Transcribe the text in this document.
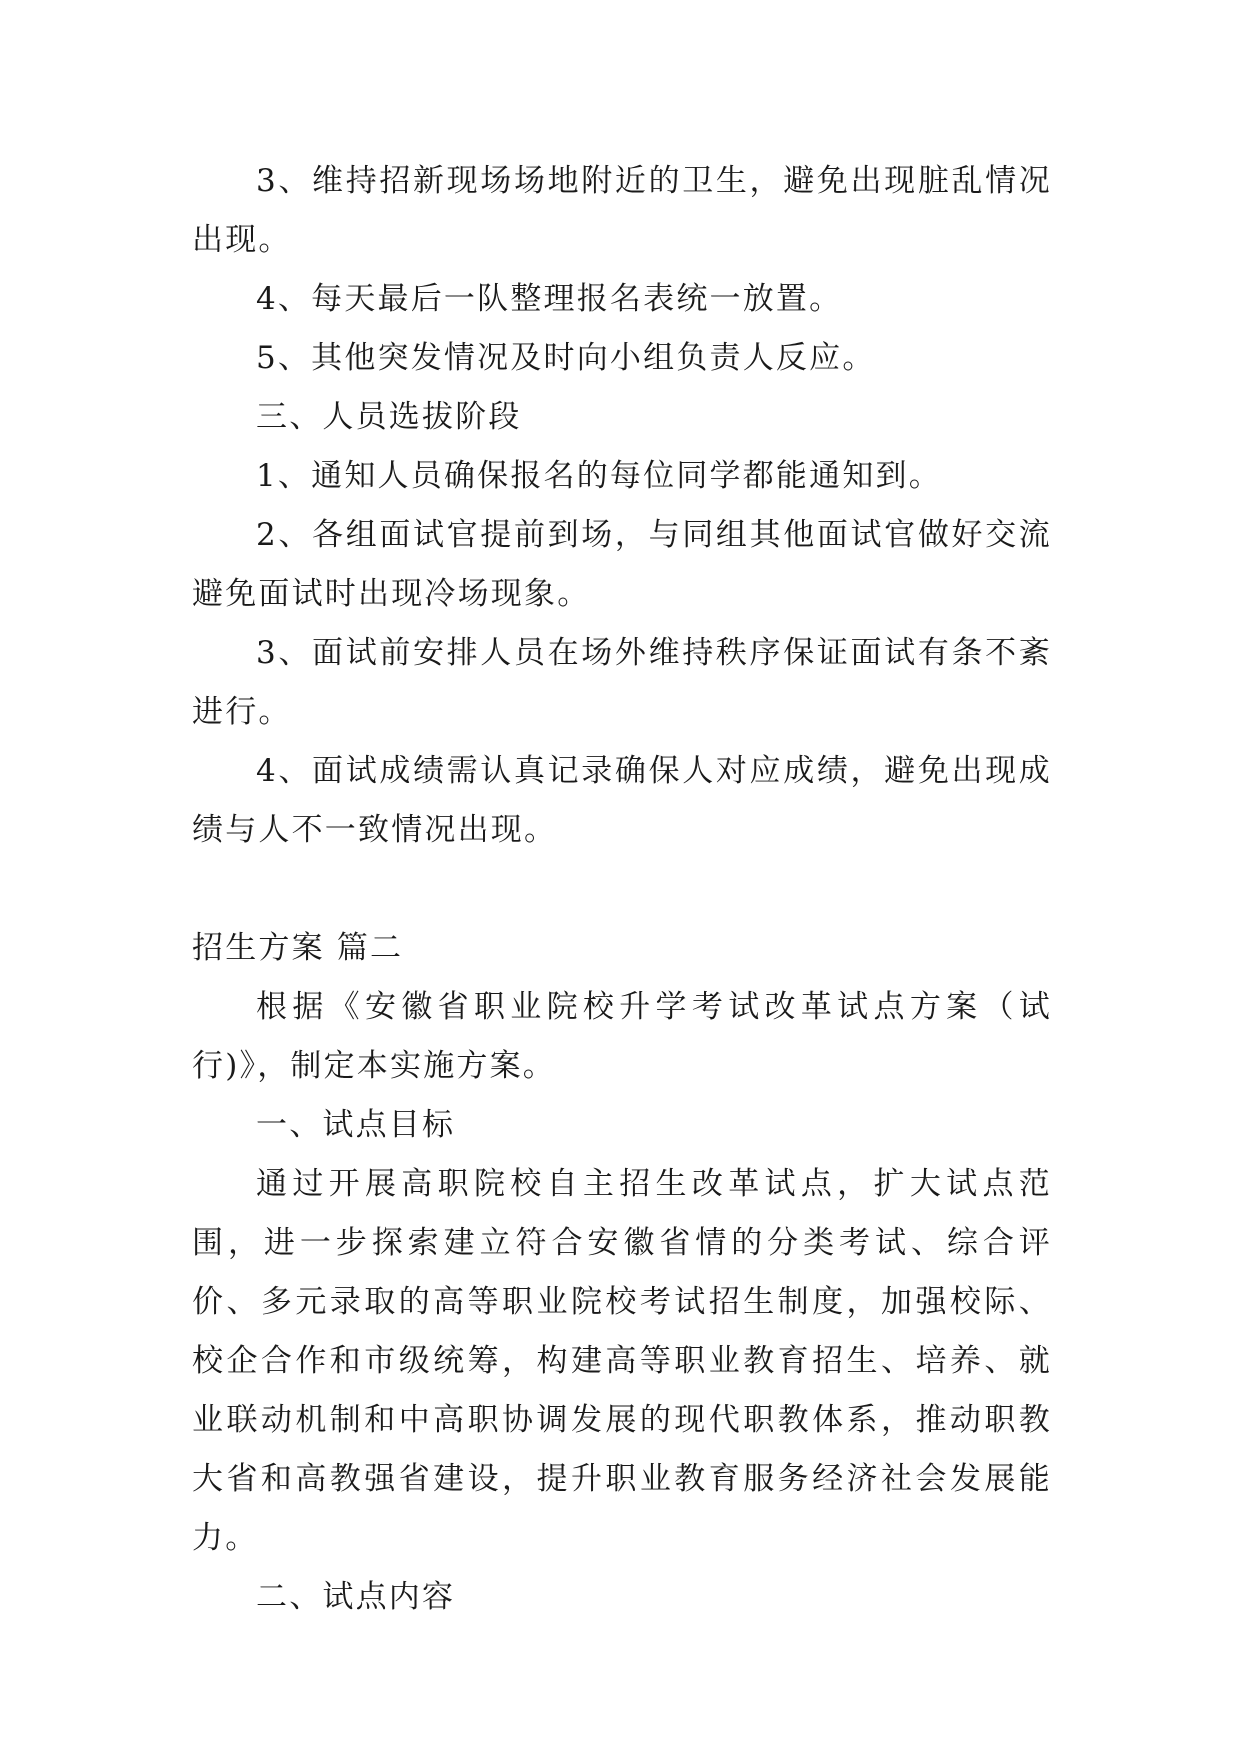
3、维持招新现场场地附近的卫生，避免出现脏乱情况出现。

4、每天最后一队整理报名表统一放置。

5、其他突发情况及时向小组负责人反应。

三、人员选拔阶段

1、通知人员确保报名的每位同学都能通知到。

2、各组面试官提前到场，与同组其他面试官做好交流避免面试时出现冷场现象。

3、面试前安排人员在场外维持秩序保证面试有条不紊进行。

4、面试成绩需认真记录确保人对应成绩，避免出现成绩与人不一致情况出现。

招生方案 篇二

根据《安徽省职业院校升学考试改革试点方案（试行)》，制定本实施方案。

一、试点目标

通过开展高职院校自主招生改革试点，扩大试点范围，进一步探索建立符合安徽省情的分类考试、综合评价、多元录取的高等职业院校考试招生制度，加强校际、校企合作和市级统筹，构建高等职业教育招生、培养、就业联动机制和中高职协调发展的现代职教体系，推动职教大省和高教强省建设，提升职业教育服务经济社会发展能力。

二、试点内容
